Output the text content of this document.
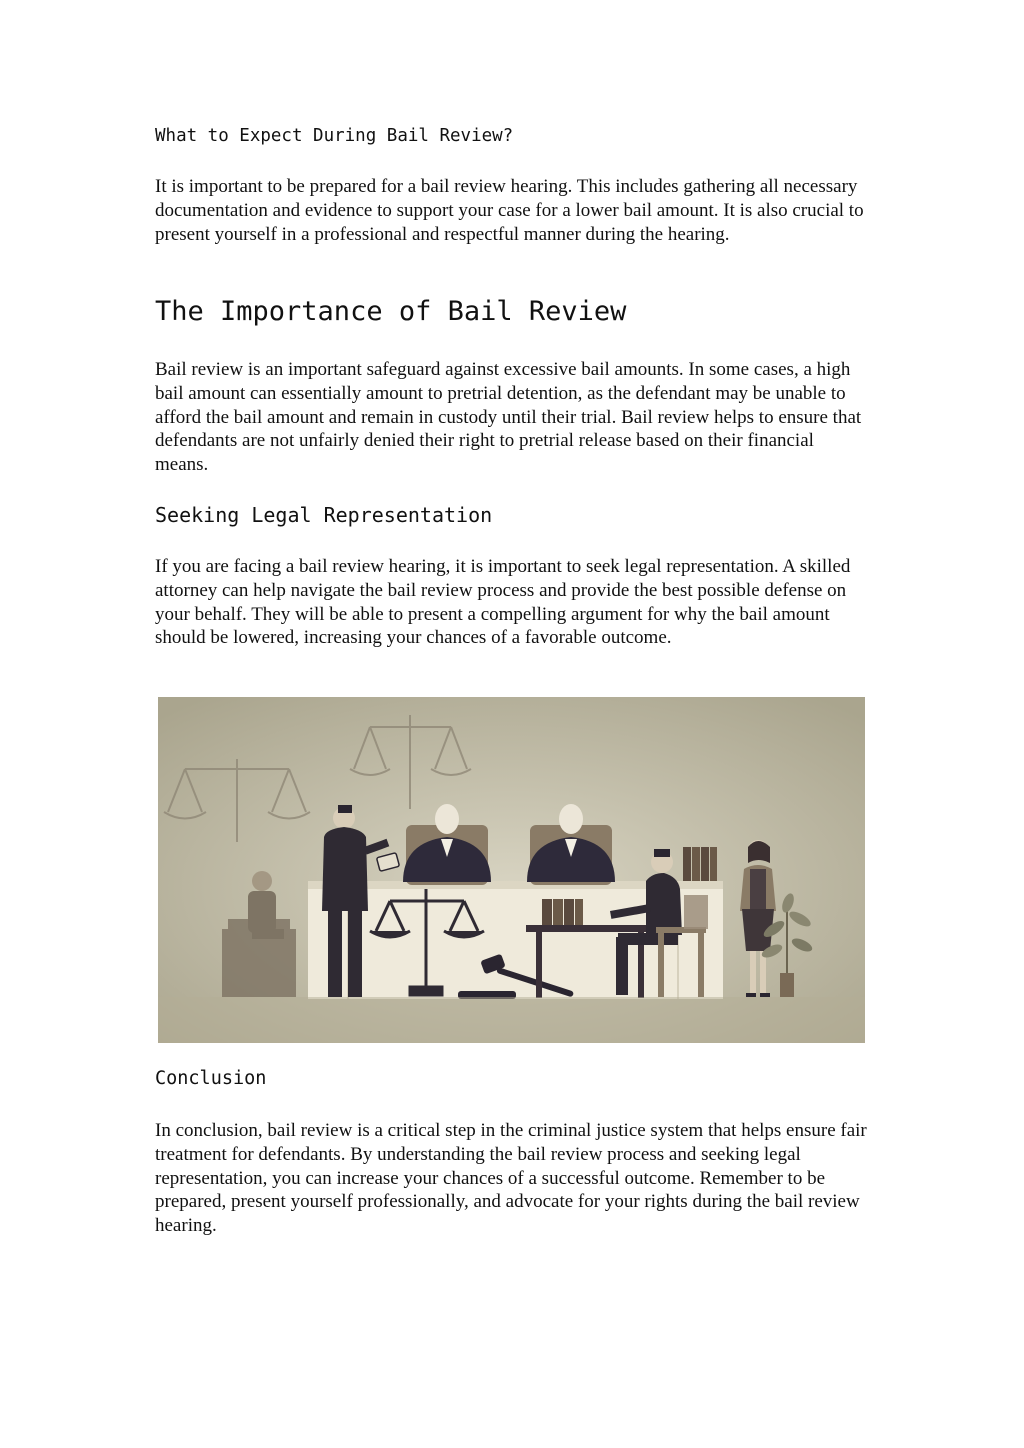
What to Expect During Bail Review?

It is important to be prepared for a bail review hearing. This includes gathering all necessary documentation and evidence to support your case for a lower bail amount. It is also crucial to present yourself in a professional and respectful manner during the hearing.

The Importance of Bail Review

Bail review is an important safeguard against excessive bail amounts. In some cases, a high bail amount can essentially amount to pretrial detention, as the defendant may be unable to afford the bail amount and remain in custody until their trial. Bail review helps to ensure that defendants are not unfairly denied their right to pretrial release based on their financial means.

Seeking Legal Representation

If you are facing a bail review hearing, it is important to seek legal representation. A skilled attorney can help navigate the bail review process and provide the best possible defense on your behalf. They will be able to present a compelling argument for why the bail amount should be lowered, increasing your chances of a favorable outcome.

Conclusion

In conclusion, bail review is a critical step in the criminal justice system that helps ensure fair treatment for defendants. By understanding the bail review process and seeking legal representation, you can increase your chances of a successful outcome. Remember to be prepared, present yourself professionally, and advocate for your rights during the bail review hearing.
